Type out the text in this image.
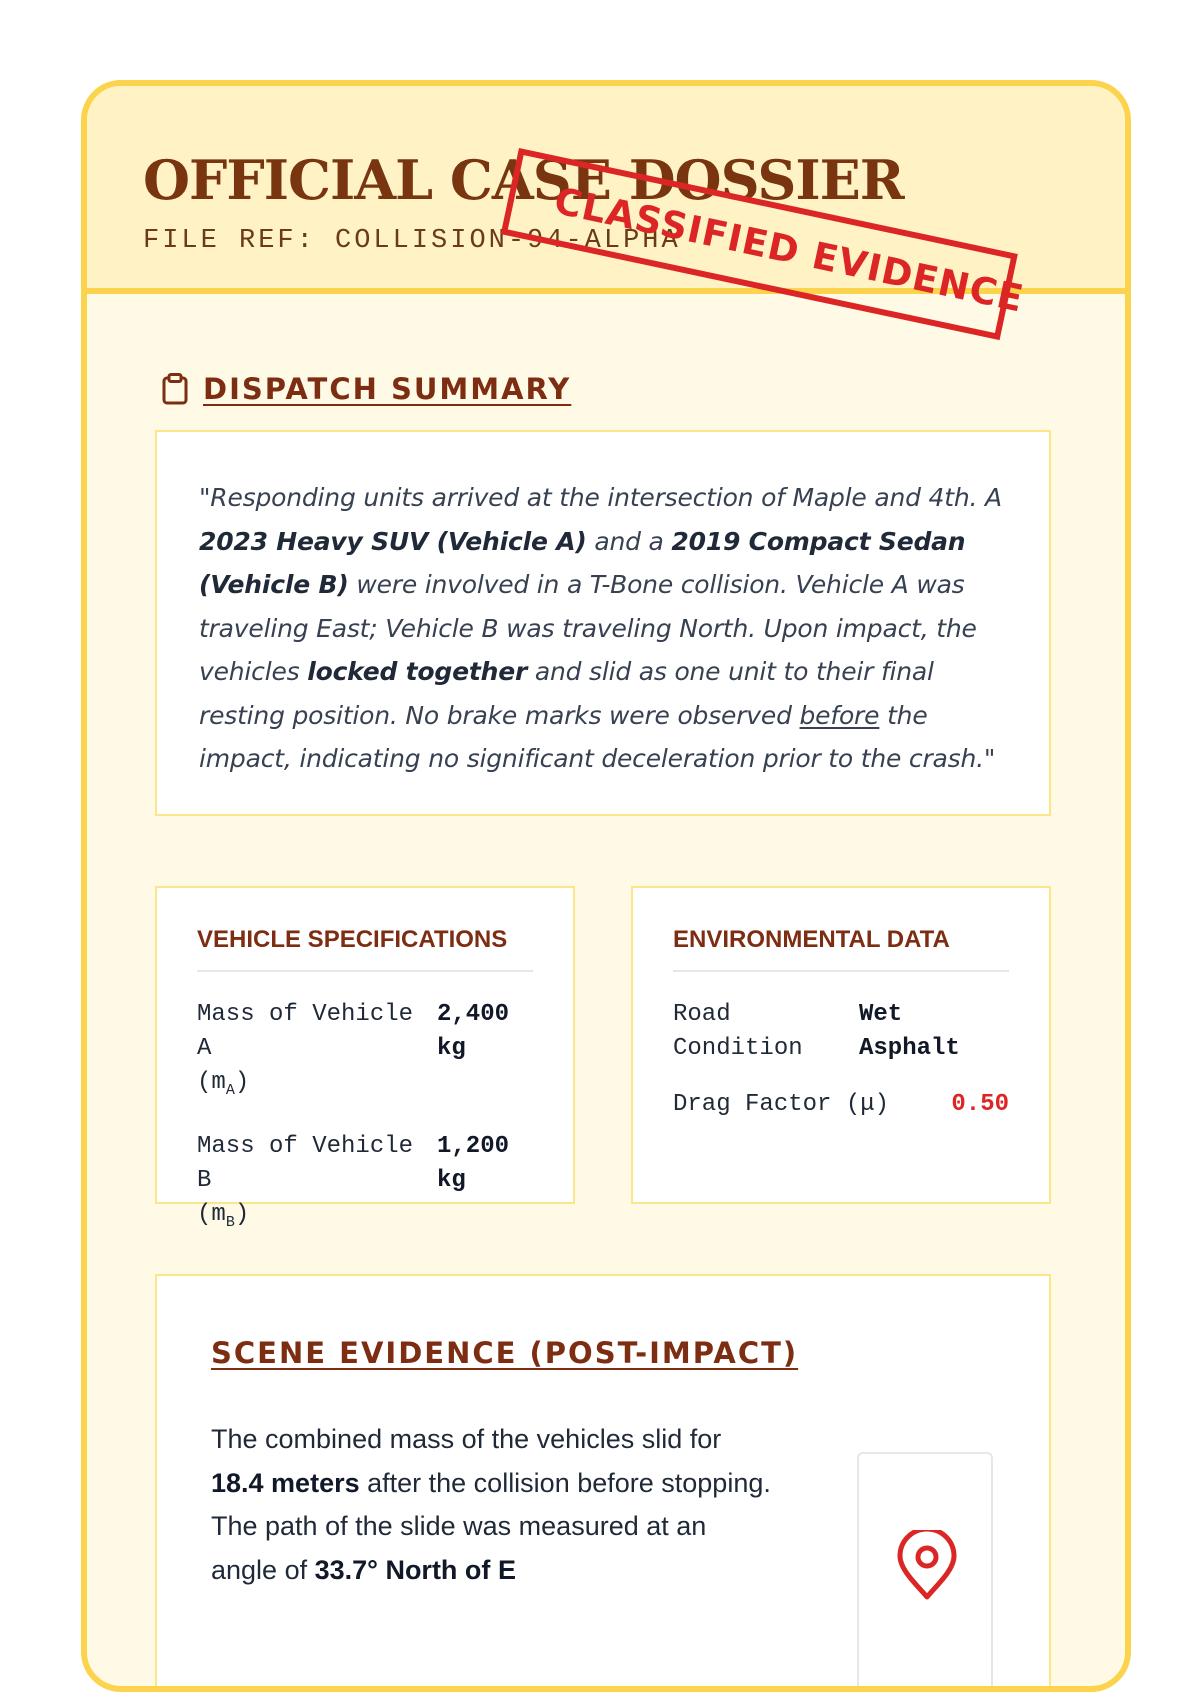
OFFICIAL CASE DOSSIER
FILE REF: COLLISION-94-ALPHA
CLASSIFIED EVIDENCE
DISPATCH SUMMARY
"Responding units arrived at the intersection of Maple and 4th. A 2023 Heavy SUV (Vehicle A) and a 2019 Compact Sedan (Vehicle B) were involved in a T-Bone collision. Vehicle A was traveling East; Vehicle B was traveling North. Upon impact, the vehicles locked together and slid as one unit to their final resting position. No brake marks were observed before the impact, indicating no significant deceleration prior to the crash."
VEHICLE SPECIFICATIONS
Mass of Vehicle A
$(m_A)$
2,400
kg
Mass of Vehicle B
$(m_B)$
1,200
kg
ENVIRONMENTAL DATA
Road
Condition
Wet
Asphalt
Drag Factor (μ)	0.50
SCENE EVIDENCE (POST-IMPACT)
The combined mass of the vehicles slid for 18.4 meters after the collision before stopping. The path of the slide was measured at an angle of 33.7° North of E
